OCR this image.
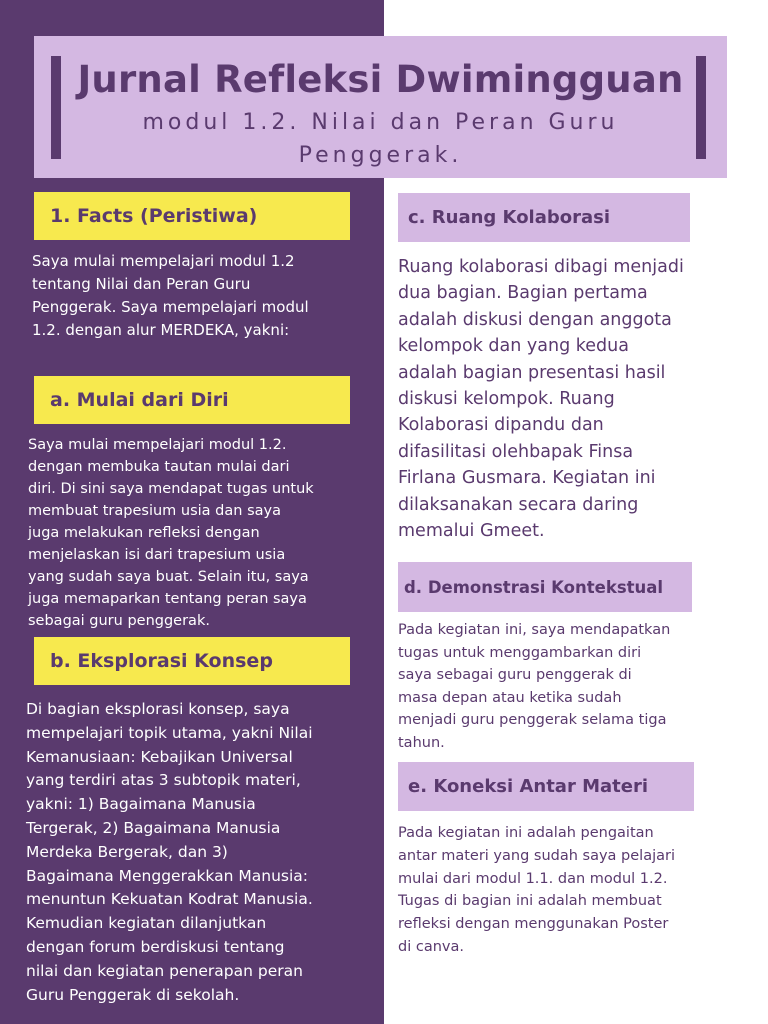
Jurnal Refleksi Dwimingguan
modul 1.2. Nilai dan Peran Guru
Penggerak.
1. Facts (Peristiwa)

Saya mulai mempelajari modul 1.2
tentang Nilai dan Peran Guru
Penggerak. Saya mempelajari modul
1.2. dengan alur MERDEKA, yakni:

a. Mulai dari Diri

Saya mulai mempelajari modul 1.2.
dengan membuka tautan mulai dari
diri. Di sini saya mendapat tugas untuk
membuat trapesium usia dan saya
juga melakukan refleksi dengan
menjelaskan isi dari trapesium usia
yang sudah saya buat. Selain itu, saya
juga memaparkan tentang peran saya
sebagai guru penggerak.

b. Eksplorasi Konsep

Di bagian eksplorasi konsep, saya
mempelajari topik utama, yakni Nilai
Kemanusiaan: Kebajikan Universal
yang terdiri atas 3 subtopik materi,
yakni: 1) Bagaimana Manusia
Tergerak, 2) Bagaimana Manusia
Merdeka Bergerak, dan 3)
Bagaimana Menggerakkan Manusia:
menuntun Kekuatan Kodrat Manusia.
Kemudian kegiatan dilanjutkan
dengan forum berdiskusi tentang
nilai dan kegiatan penerapan peran
Guru Penggerak di sekolah.

c. Ruang Kolaborasi

Ruang kolaborasi dibagi menjadi
dua bagian. Bagian pertama
adalah diskusi dengan anggota
kelompok dan yang kedua
adalah bagian presentasi hasil
diskusi kelompok. Ruang
Kolaborasi dipandu dan
difasilitasi olehbapak Finsa
Firlana Gusmara. Kegiatan ini
dilaksanakan secara daring
memalui Gmeet.

d. Demonstrasi Kontekstual

Pada kegiatan ini, saya mendapatkan
tugas untuk menggambarkan diri
saya sebagai guru penggerak di
masa depan atau ketika sudah
menjadi guru penggerak selama tiga
tahun.

e. Koneksi Antar Materi

Pada kegiatan ini adalah pengaitan
antar materi yang sudah saya pelajari
mulai dari modul 1.1. dan modul 1.2.
Tugas di bagian ini adalah membuat
refleksi dengan menggunakan Poster
di canva.
